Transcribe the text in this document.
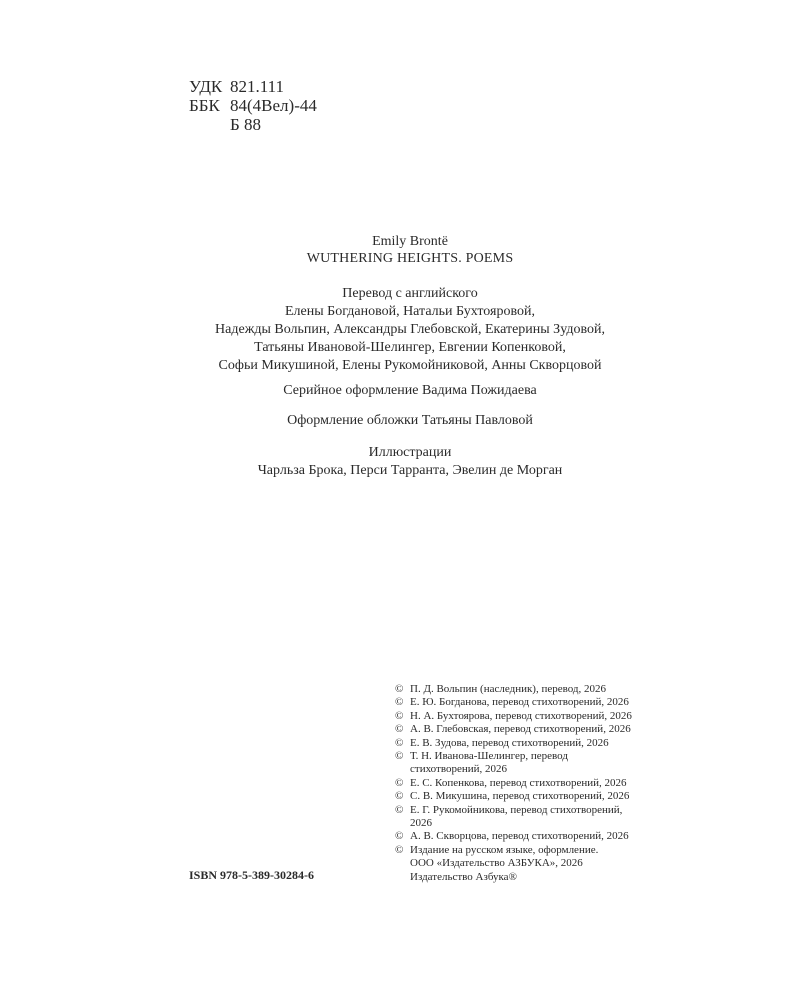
УДК 821.111
ББК 84(4Вел)-44
Б 88
Emily Brontë
WUTHERING HEIGHTS. POEMS
Перевод с английского
Елены Богдановой, Натальи Бухтояровой,
Надежды Вольпин, Александры Глебовской, Екатерины Зудовой,
Татьяны Ивановой-Шелингер, Евгении Копенковой,
Софьи Микушиной, Елены Рукомойниковой, Анны Скворцовой
Серийное оформление Вадима Пожидаева
Оформление обложки Татьяны Павловой
Иллюстрации
Чарльза Брока, Перси Тарранта, Эвелин де Морган
© П. Д. Вольпин (наследник), перевод, 2026
© Е. Ю. Богданова, перевод стихотворений, 2026
© Н. А. Бухтоярова, перевод стихотворений, 2026
© А. В. Глебовская, перевод стихотворений, 2026
© Е. В. Зудова, перевод стихотворений, 2026
© Т. Н. Иванова-Шелингер, перевод
стихотворений, 2026
© Е. С. Копенкова, перевод стихотворений, 2026
© С. В. Микушина, перевод стихотворений, 2026
© Е. Г. Рукомойникова, перевод стихотворений,
2026
© А. В. Скворцова, перевод стихотворений, 2026
© Издание на русском языке, оформление.
ООО «Издательство АЗБУКА», 2026
Издательство Азбука®
ISBN 978-5-389-30284-6
